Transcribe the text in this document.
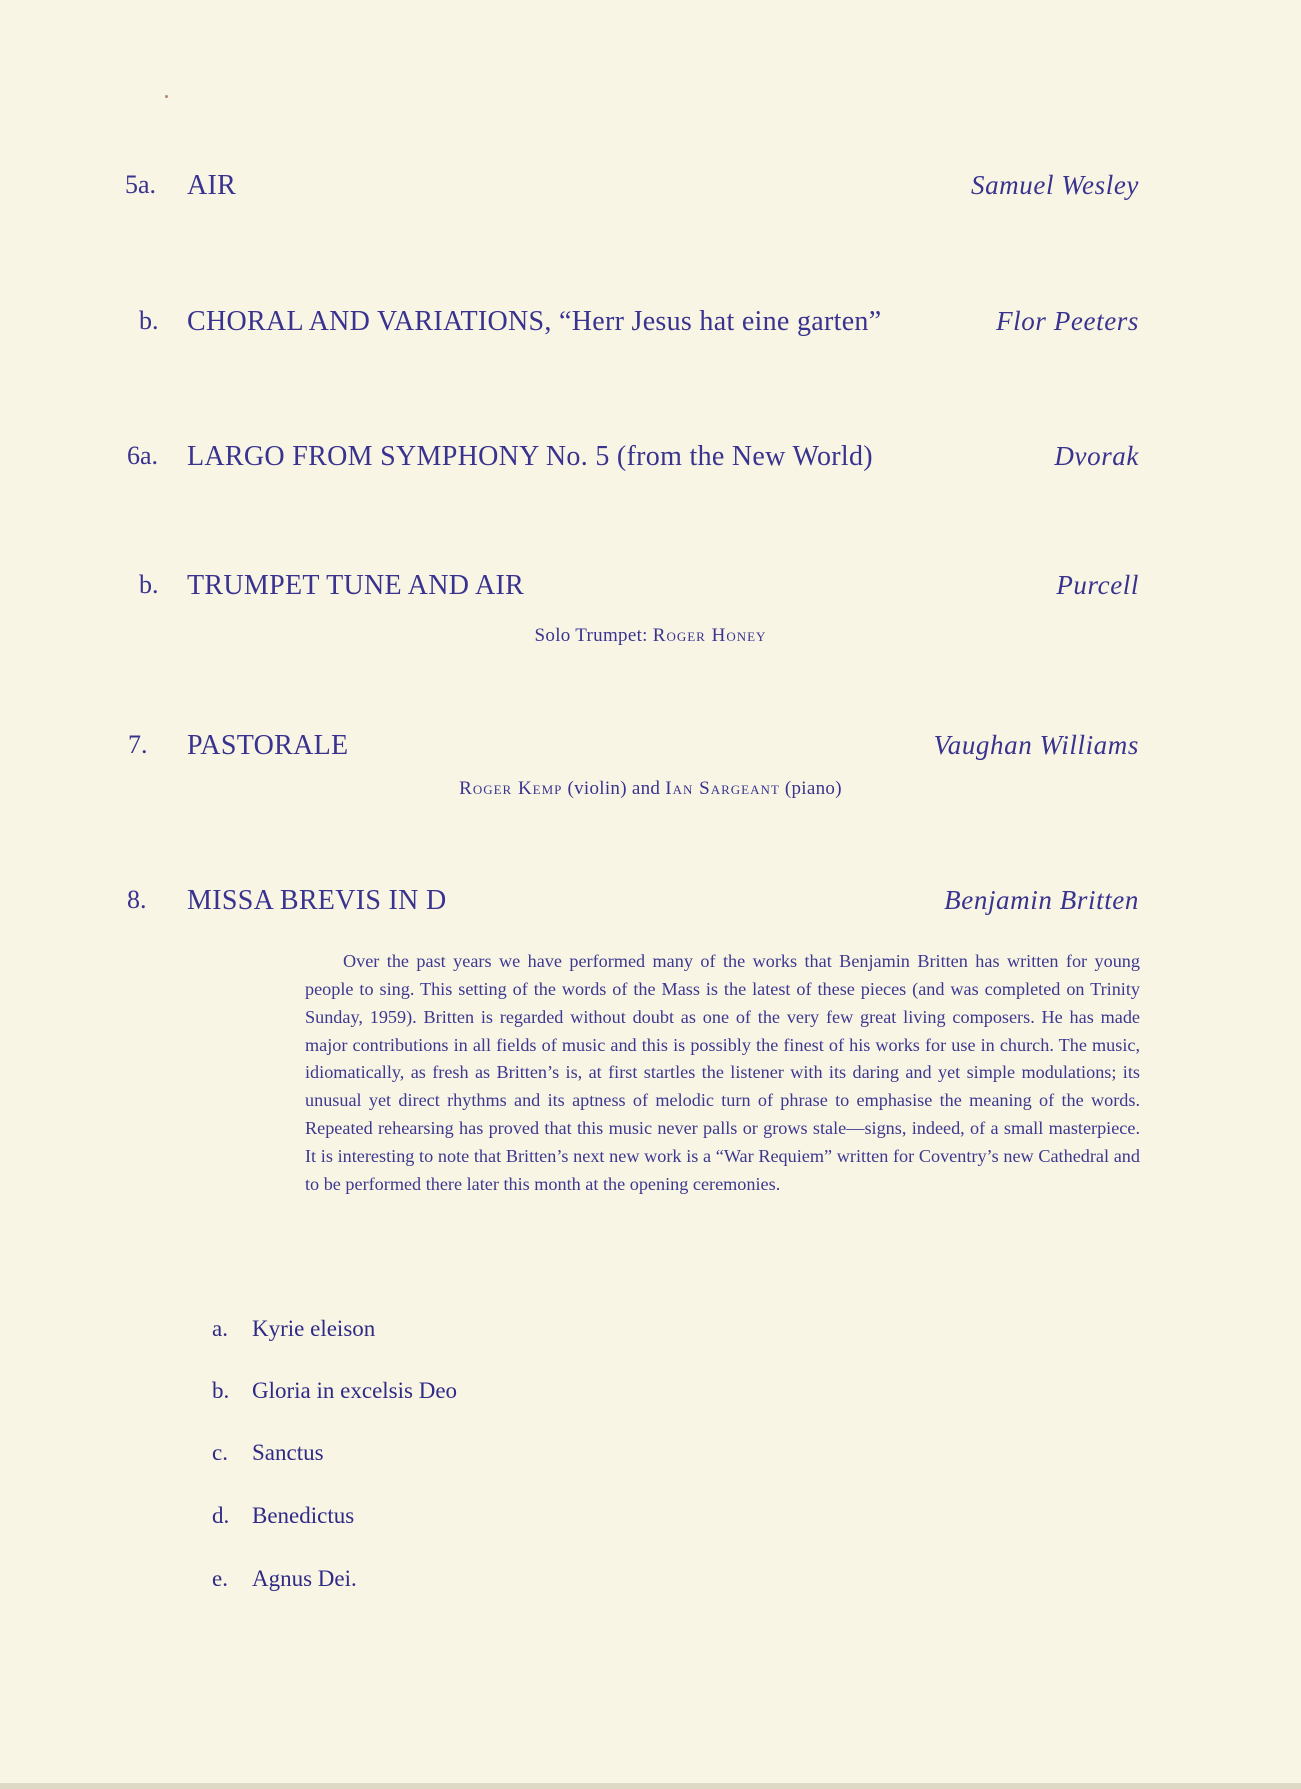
5a. AIR	Samuel Wesley
b. CHORAL AND VARIATIONS, “Herr Jesus hat eine garten”	Flor Peeters
6a. LARGO FROM SYMPHONY No. 5 (from the New World)	Dvorak
b. TRUMPET TUNE AND AIR	Purcell
Solo Trumpet: Roger Honey
7. PASTORALE	Vaughan Williams
Roger Kemp (violin) and Ian Sargeant (piano)
8. MISSA BREVIS IN D	Benjamin Britten

Over the past years we have performed many of the works that Benjamin Britten has written for young people to sing. This setting of the words of the Mass is the latest of these pieces (and was completed on Trinity Sunday, 1959). Britten is regarded without doubt as one of the very few great living composers. He has made major contributions in all fields of music and this is possibly the finest of his works for use in church. The music, idiomatically, as fresh as Britten’s is, at first startles the listener with its daring and yet simple modulations; its unusual yet direct rhythms and its aptness of melodic turn of phrase to emphasise the meaning of the words. Repeated rehearsing has proved that this music never palls or grows stale—signs, indeed, of a small masterpiece. It is interesting to note that Britten’s next new work is a “War Requiem” written for Coventry’s new Cathedral and to be performed there later this month at the opening ceremonies.

a. Kyrie eleison
b. Gloria in excelsis Deo
c. Sanctus
d. Benedictus
e. Agnus Dei.
